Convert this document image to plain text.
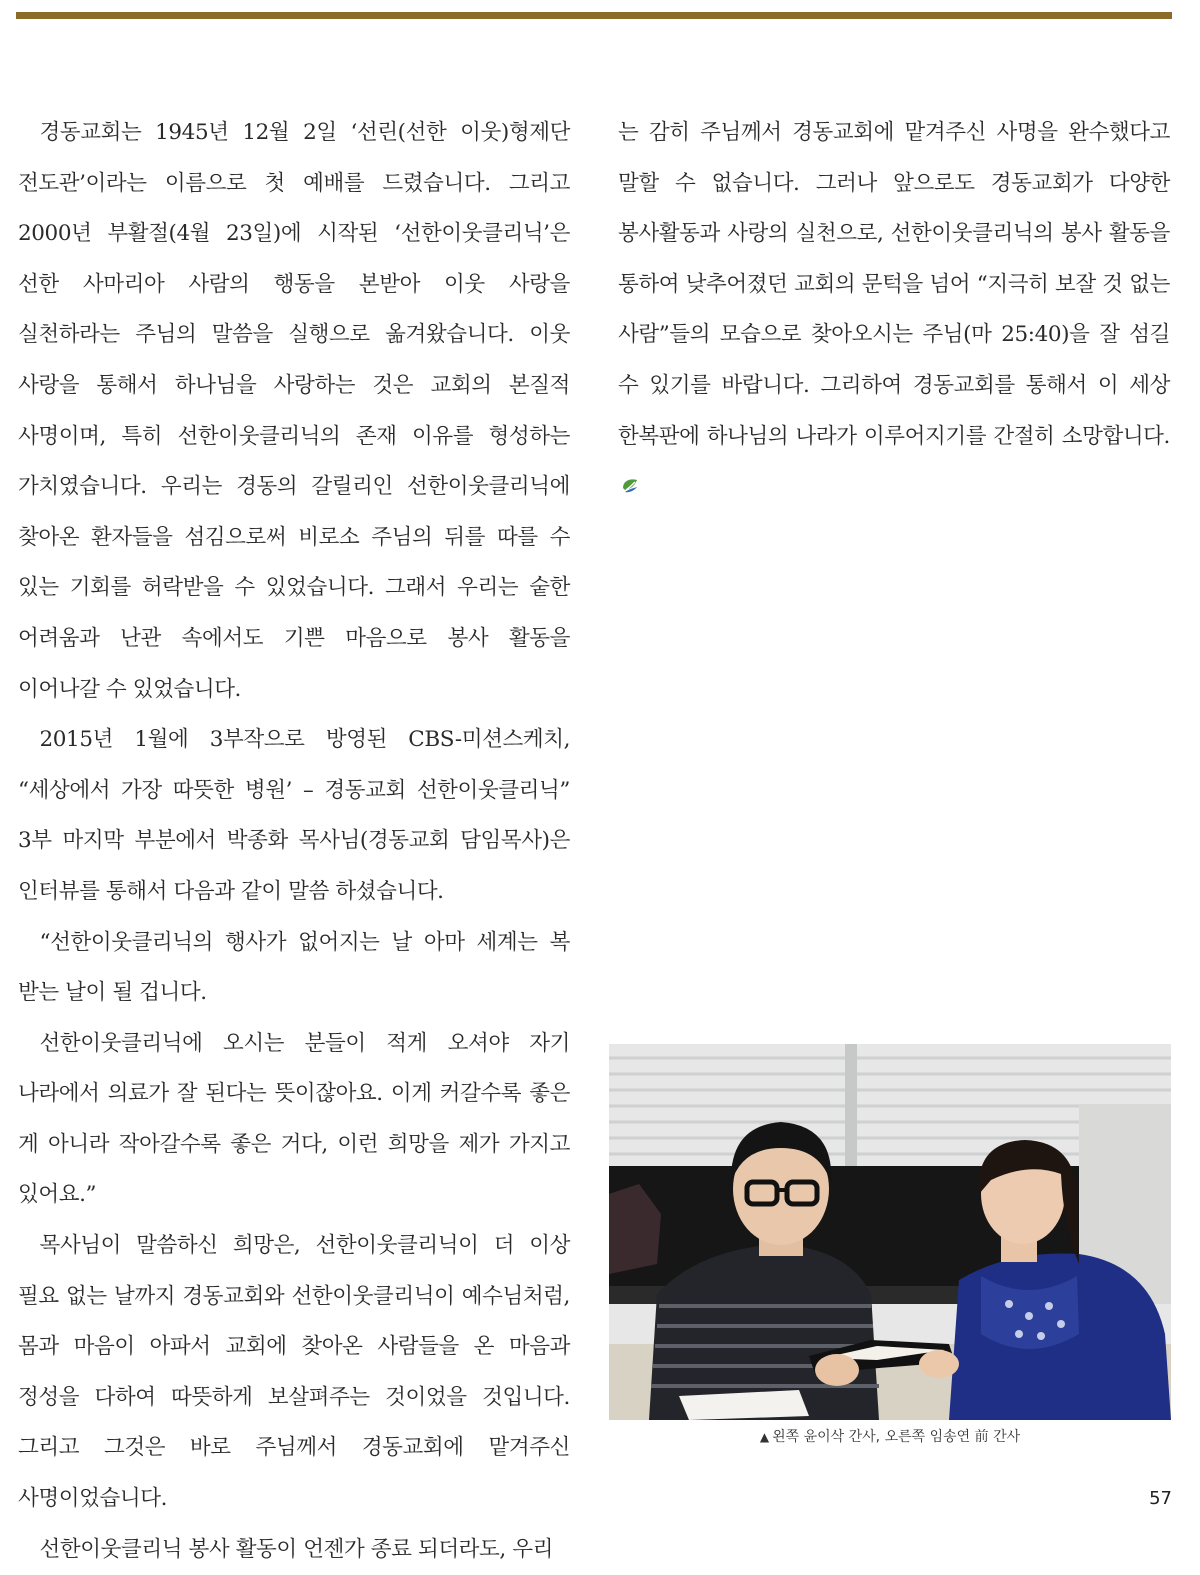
경동교회는 1945년 12월 2일 ‘선린(선한 이웃)형제단 전도관’이라는 이름으로 첫 예배를 드렸습니다. 그리고 2000년 부활절(4월 23일)에 시작된 ‘선한이웃클리닉’은 선한 사마리아 사람의 행동을 본받아 이웃 사랑을 실천하라는 주님의 말씀을 실행으로 옮겨왔습니다. 이웃 사랑을 통해서 하나님을 사랑하는 것은 교회의 본질적 사명이며, 특히 선한이웃클리닉의 존재 이유를 형성하는 가치였습니다. 우리는 경동의 갈릴리인 선한이웃클리닉에 찾아온 환자들을 섬김으로써 비로소 주님의 뒤를 따를 수 있는 기회를 허락받을 수 있었습니다. 그래서 우리는 숱한 어려움과 난관 속에서도 기쁜 마음으로 봉사 활동을 이어나갈 수 있었습니다.

2015년 1월에 3부작으로 방영된 CBS-미션스케치, “세상에서 가장 따뜻한 병원’ – 경동교회 선한이웃클리닉” 3부 마지막 부분에서 박종화 목사님(경동교회 담임목사)은 인터뷰를 통해서 다음과 같이 말씀 하셨습니다.

“선한이웃클리닉의 행사가 없어지는 날 아마 세계는 복 받는 날이 될 겁니다.

선한이웃클리닉에 오시는 분들이 적게 오셔야 자기 나라에서 의료가 잘 된다는 뜻이잖아요. 이게 커갈수록 좋은 게 아니라 작아갈수록 좋은 거다, 이런 희망을 제가 가지고 있어요.”

목사님이 말씀하신 희망은, 선한이웃클리닉이 더 이상 필요 없는 날까지 경동교회와 선한이웃클리닉이 예수님처럼, 몸과 마음이 아파서 교회에 찾아온 사람들을 온 마음과 정성을 다하여 따뜻하게 보살펴주는 것이었을 것입니다. 그리고 그것은 바로 주님께서 경동교회에 맡겨주신 사명이었습니다.

선한이웃클리닉 봉사 활동이 언젠가 종료 되더라도, 우리

는 감히 주님께서 경동교회에 맡겨주신 사명을 완수했다고 말할 수 없습니다. 그러나 앞으로도 경동교회가 다양한 봉사활동과 사랑의 실천으로, 선한이웃클리닉의 봉사 활동을 통하여 낮추어졌던 교회의 문턱을 넘어 “지극히 보잘 것 없는 사람”들의 모습으로 찾아오시는 주님(마 25:40)을 잘 섬길 수 있기를 바랍니다. 그리하여 경동교회를 통해서 이 세상 한복판에 하나님의 나라가 이루어지기를 간절히 소망합니다.

▲ 왼쪽 윤이삭 간사, 오른쪽 임송연 前 간사
57
